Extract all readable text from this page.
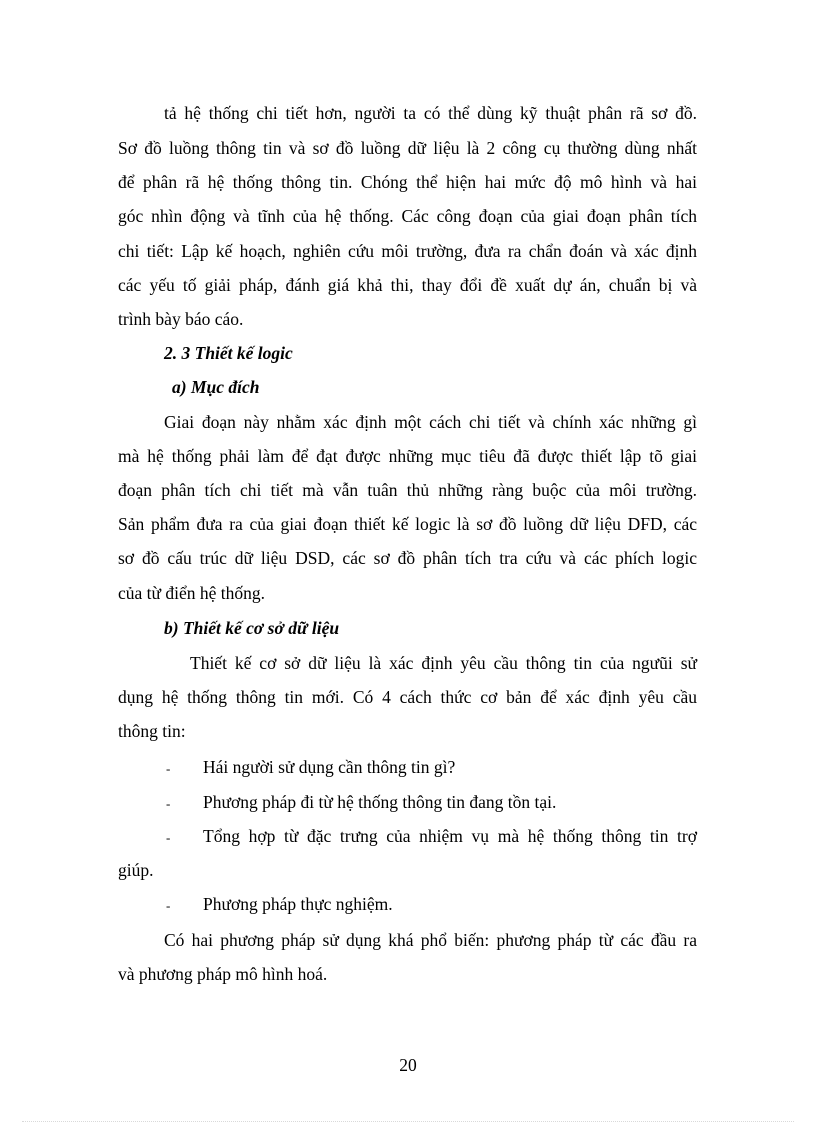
tả hệ thống chi tiết hơn, người ta có thể dùng kỹ thuật phân rã sơ đồ.
Sơ đồ luồng thông tin và sơ đồ luồng dữ liệu là 2 công cụ thường dùng nhất
để phân rã hệ thống thông tin. Chóng thể hiện hai mức độ mô hình và hai
góc nhìn động và tĩnh của hệ thống. Các công đoạn của giai đoạn phân tích
chi tiết: Lập kế hoạch, nghiên cứu môi trường, đưa ra chẩn đoán và xác định
các yếu tố giải pháp, đánh giá khả thi, thay đổi đề xuất dự án, chuẩn bị và
trình bày báo cáo.
2. 3 Thiết kế logic
a) Mục đích
Giai đoạn này nhằm xác định một cách chi tiết và chính xác những gì
mà hệ thống phải làm để đạt được những mục tiêu đã được thiết lập tõ giai
đoạn phân tích chi tiết mà vẫn tuân thủ những ràng buộc của môi trường.
Sản phẩm đưa ra của giai đoạn thiết kế logic là sơ đồ luồng dữ liệu DFD, các
sơ đồ cấu trúc dữ liệu DSD, các sơ đồ phân tích tra cứu và các phích logic
của từ điển hệ thống.
b) Thiết kế cơ sở dữ liệu
Thiết kế cơ sở dữ liệu là xác định yêu cầu thông tin của ngưũi sử
dụng hệ thống thông tin mới. Có 4 cách thức cơ bản để xác định yêu cầu
thông tin:
- Hái người sử dụng cần thông tin gì?
- Phương pháp đi từ hệ thống thông tin đang tồn tại.
- Tổng hợp từ đặc trưng của nhiệm vụ mà hệ thống thông tin trợ
giúp.
- Phương pháp thực nghiệm.
Có hai phương pháp sử dụng khá phổ biến: phương pháp từ các đầu ra
và phương pháp mô hình hoá.
20
